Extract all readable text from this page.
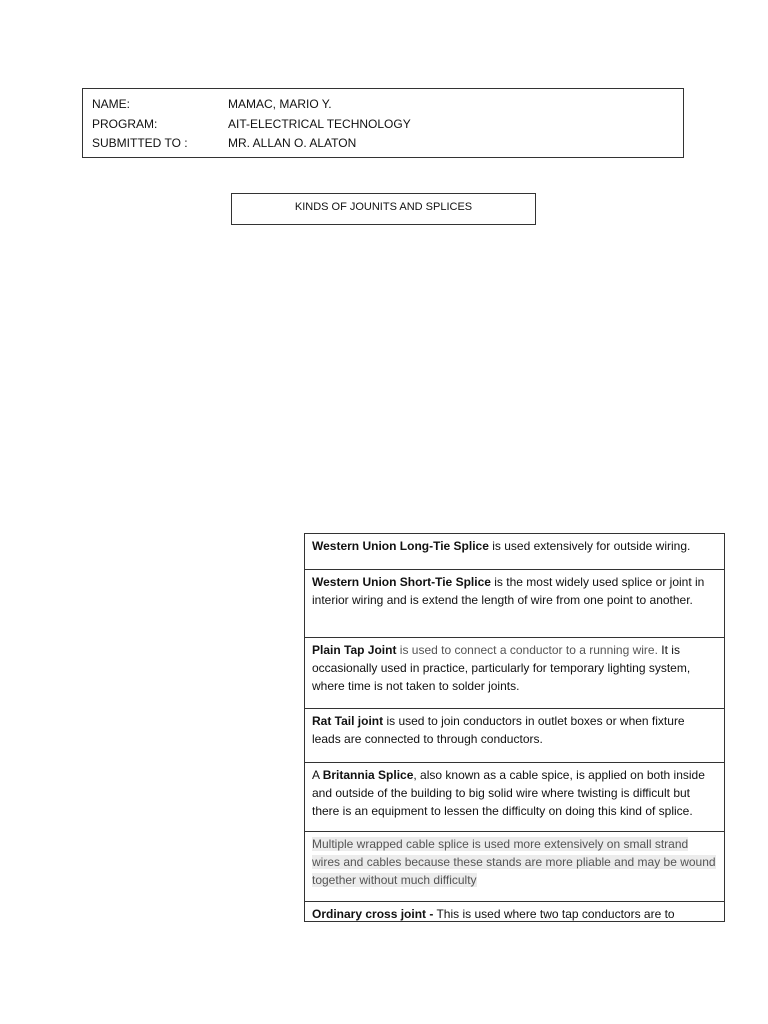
NAME:	MAMAC, MARIO Y.
PROGRAM:	AIT-ELECTRICAL TECHNOLOGY
SUBMITTED TO :	MR. ALLAN O. ALATON
KINDS OF JOUNITS AND SPLICES
Western Union Long-Tie Splice is used extensively for outside wiring.
Western Union Short-Tie Splice is the most widely used splice or joint in interior wiring and is extend the length of wire from one point to another.
Plain Tap Joint is used to connect a conductor to a running wire. It is occasionally used in practice, particularly for temporary lighting system, where time is not taken to solder joints.
Rat Tail joint is used to join conductors in outlet boxes or when fixture leads are connected to through conductors.
A Britannia Splice, also known as a cable spice, is applied on both inside and outside of the building to big solid wire where twisting is difficult but there is an equipment to lessen the difficulty on doing this kind of splice.
Multiple wrapped cable splice is used more extensively on small strand wires and cables because these stands are more pliable and may be wound together without much difficulty
Ordinary cross joint - This is used where two tap conductors are to
